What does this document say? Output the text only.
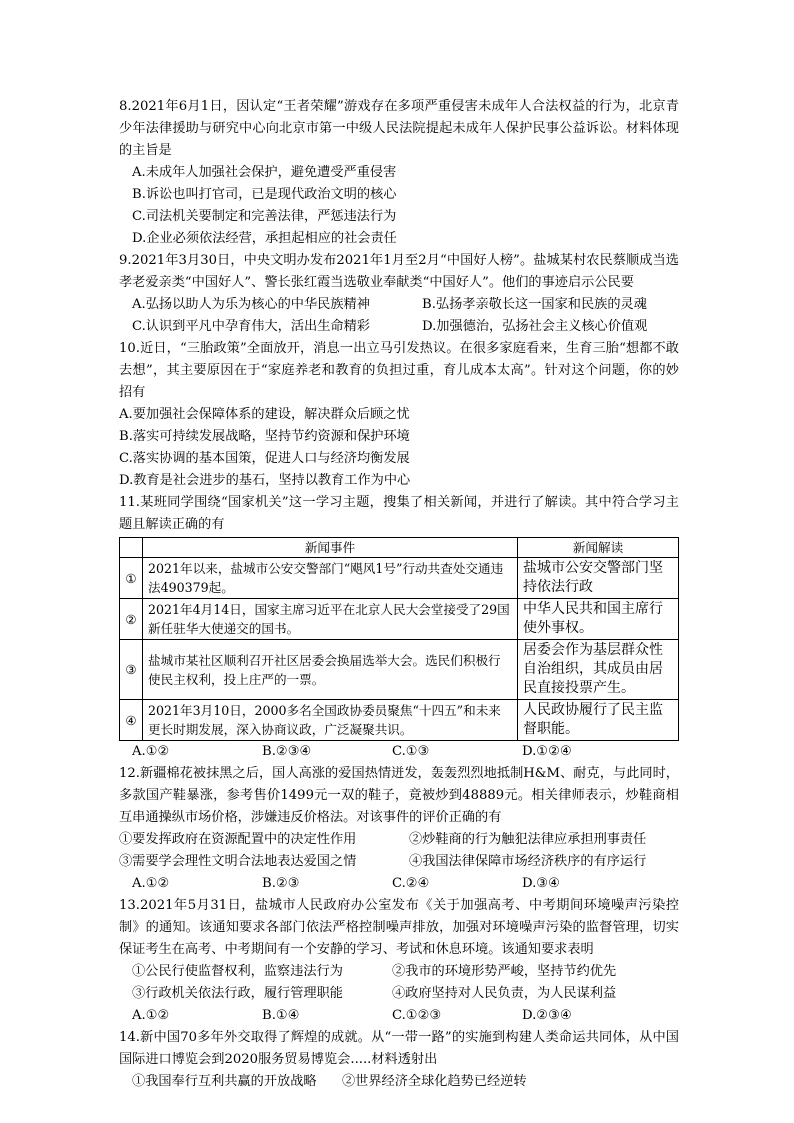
8.2021年6月1日，因认定“王者荣耀”游戏存在多项严重侵害未成年人合法权益的行为，北京青少年法律援助与研究中心向北京市第一中级人民法院提起未成年人保护民事公益诉讼。材料体现的主旨是

A.未成年人加强社会保护，避免遭受严重侵害

B.诉讼也叫打官司，已是现代政治文明的核心

C.司法机关要制定和完善法律，严惩违法行为

D.企业必须依法经营，承担起相应的社会责任

9.2021年3月30日，中央文明办发布2021年1月至2月“中国好人榜”。盐城某村农民蔡顺成当选孝老爱亲类“中国好人”、警长张红霞当选敬业奉献类“中国好人”。他们的事迹启示公民要

A.弘扬以助人为乐为核心的中华民族精神	B.弘扬孝亲敬长这一国家和民族的灵魂
C.认识到平凡中孕育伟大，活出生命精彩	D.加强德治，弘扬社会主义核心价值观

10.近日，“三胎政策”全面放开，消息一出立马引发热议。在很多家庭看来，生育三胎“想都不敢去想”，其主要原因在于“家庭养老和教育的负担过重，育儿成本太高”。针对这个问题，你的妙招有

A.要加强社会保障体系的建设，解决群众后顾之忧

B.落实可持续发展战略，坚持节约资源和保护环境

C.落实协调的基本国策，促进人口与经济均衡发展

D.教育是社会进步的基石，坚持以教育工作为中心

11.某班同学围绕“国家机关”这一学习主题，搜集了相关新闻，并进行了解读。其中符合学习主题且解读正确的有

	新闻事件	新闻解读
①	2021年以来，盐城市公安交警部门“飓风1号”行动共查处交通违法490379起。	盐城市公安交警部门坚持依法行政
②	2021年4月14日，国家主席习近平在北京人民大会堂接受了29国新任驻华大使递交的国书。	中华人民共和国主席行使外事权。
③	盐城市某社区顺利召开社区居委会换届选举大会。选民们积极行使民主权利，投上庄严的一票。	居委会作为基层群众性自治组织，其成员由居民直接投票产生。
④	2021年3月10日，2000多名全国政协委员聚焦“十四五”和未来更长时期发展，深入协商议政，广泛凝聚共识。	人民政协履行了民主监督职能。
A.①②	B.②③④	C.①③	D.①②④

12.新疆棉花被抹黑之后，国人高涨的爱国热情迸发，轰轰烈烈地抵制H&M、耐克，与此同时，多款国产鞋暴涨，参考售价1499元一双的鞋子，竟被炒到48889元。相关律师表示，炒鞋商相互串通操纵市场价格，涉嫌违反价格法。对该事件的评价正确的有

①要发挥政府在资源配置中的决定性作用	②炒鞋商的行为触犯法律应承担刑事责任
③需要学会理性文明合法地表达爱国之情	④我国法律保障市场经济秩序的有序运行
A.①②	B.②③	C.②④	D.③④

13.2021年5月31日，盐城市人民政府办公室发布《关于加强高考、中考期间环境噪声污染控制》的通知。该通知要求各部门依法严格控制噪声排放，加强对环境噪声污染的监督管理，切实保证考生在高考、中考期间有一个安静的学习、考试和休息环境。该通知要求表明

①公民行使监督权利，监察违法行为	②我市的环境形势严峻，坚持节约优先
③行政机关依法行政，履行管理职能	④政府坚持对人民负责，为人民谋利益
A.①②	B.①④	C.①②③	D.②③④

14.新中国70多年外交取得了辉煌的成就。从“一带一路”的实施到构建人类命运共同体，从中国国际进口博览会到2020服务贸易博览会.....材料透射出

①我国奉行互利共赢的开放战略	②世界经济全球化趋势已经逆转
